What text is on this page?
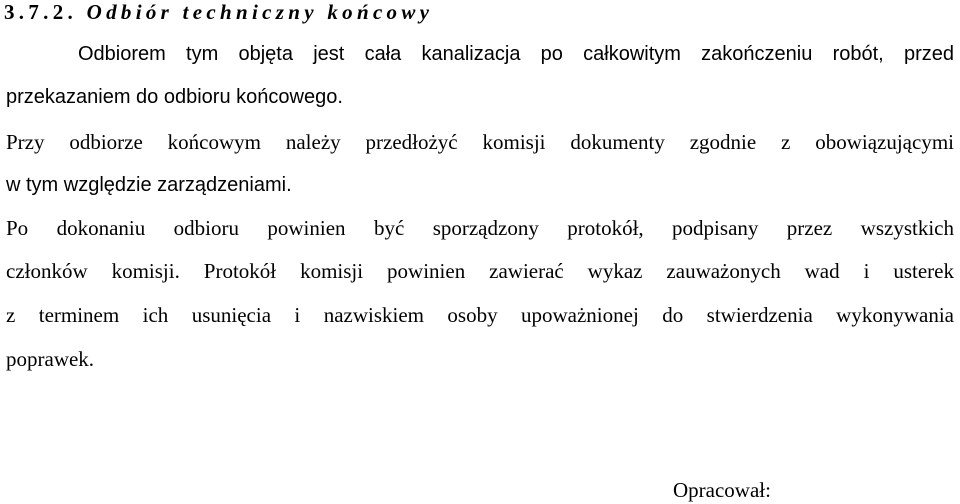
3.7.2. Odbiór techniczny końcowy
Odbiorem tym objęta jest cała kanalizacja po całkowitym zakończeniu robót, przed
przekazaniem do odbioru końcowego.
Przy odbiorze końcowym należy przedłożyć komisji dokumenty zgodnie z obowiązującymi
w tym względzie zarządzeniami.
Po dokonaniu odbioru powinien być sporządzony protokół, podpisany przez wszystkich
członków komisji. Protokół komisji powinien zawierać wykaz zauważonych wad i usterek
z terminem ich usunięcia i nazwiskiem osoby upoważnionej do stwierdzenia wykonywania
poprawek.
Opracował:
